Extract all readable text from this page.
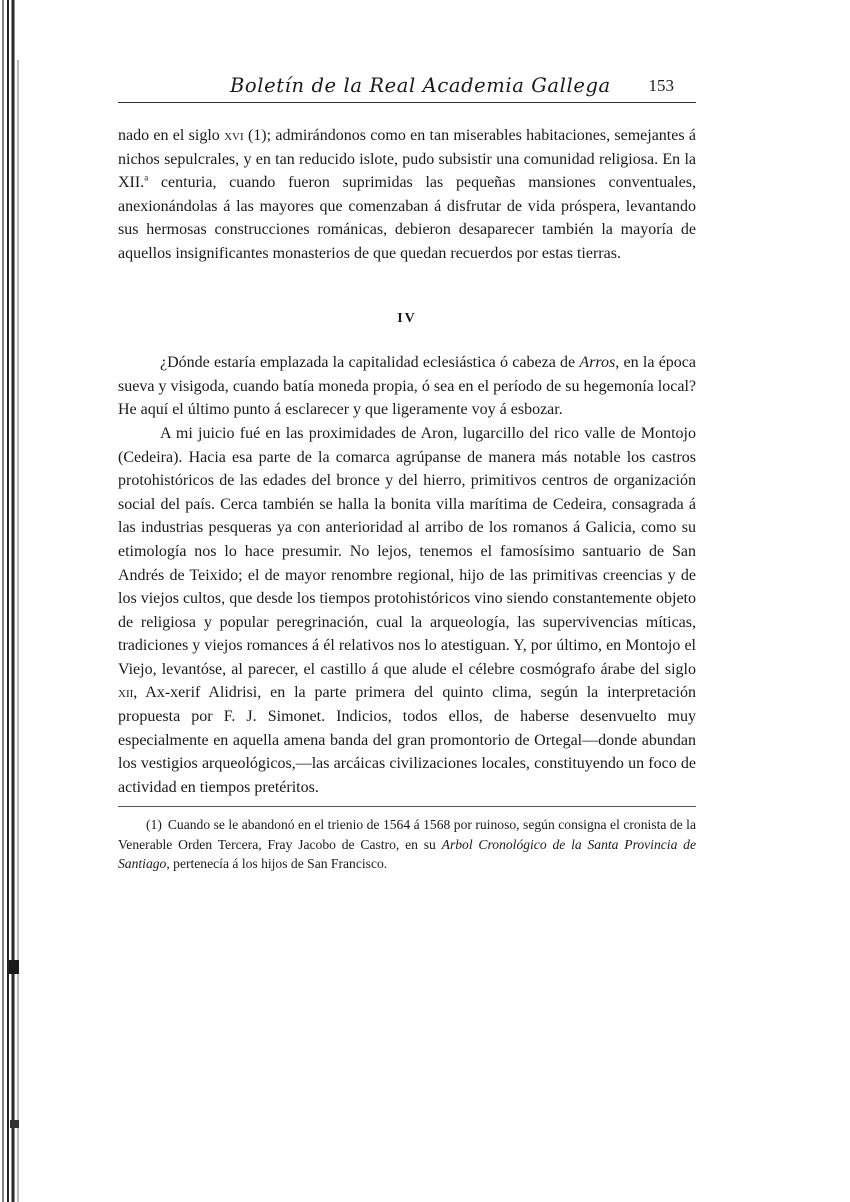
Boletín de la Real Academia Gallega 153

nado en el siglo xvi (1); admirándonos como en tan miserables habitaciones, semejantes á nichos sepulcrales, y en tan reducido islote, pudo subsistir una comunidad religiosa. En la XII.$^a$ centuria, cuando fueron suprimidas las pequeñas mansiones conventuales, anexionándolas á las mayores que comenzaban á disfrutar de vida próspera, levantando sus hermosas construcciones románicas, debieron desaparecer también la mayoría de aquellos insignificantes monasterios de que quedan recuerdos por estas tierras.

IV

¿Dónde estaría emplazada la capitalidad eclesiástica ó cabeza de Arros, en la época sueva y visigoda, cuando batía moneda propia, ó sea en el período de su hegemonía local? He aquí el último punto á esclarecer y que ligeramente voy á esbozar.

A mi juicio fué en las proximidades de Aron, lugarcillo del rico valle de Montojo (Cedeira). Hacia esa parte de la comarca agrúpanse de manera más notable los castros protohistóricos de las edades del bronce y del hierro, primitivos centros de organización social del país. Cerca también se halla la bonita villa marítima de Cedeira, consagrada á las industrias pesqueras ya con anterioridad al arribo de los romanos á Galicia, como su etimología nos lo hace presumir. No lejos, tenemos el famosísimo santuario de San Andrés de Teixido; el de mayor renombre regional, hijo de las primitivas creencias y de los viejos cultos, que desde los tiempos protohistóricos vino siendo constantemente objeto de religiosa y popular peregrinación, cual la arqueología, las supervivencias míticas, tradiciones y viejos romances á él relativos nos lo atestiguan. Y, por último, en Montojo el Viejo, levantóse, al parecer, el castillo á que alude el célebre cosmógrafo árabe del siglo xii, Ax-xerif Alidrisi, en la parte primera del quinto clima, según la interpretación propuesta por F. J. Simonet. Indicios, todos ellos, de haberse desenvuelto muy especialmente en aquella amena banda del gran promontorio de Ortegal—donde abundan los vestigios arqueológicos,—las arcáicas civilizaciones locales, constituyendo un foco de actividad en tiempos pretéritos.

(1) Cuando se le abandonó en el trienio de 1564 á 1568 por ruinoso, según consigna el cronista de la Venerable Orden Tercera, Fray Jacobo de Castro, en su Arbol Cronológico de la Santa Provincia de Santiago, pertenecía á los hijos de San Francisco.
